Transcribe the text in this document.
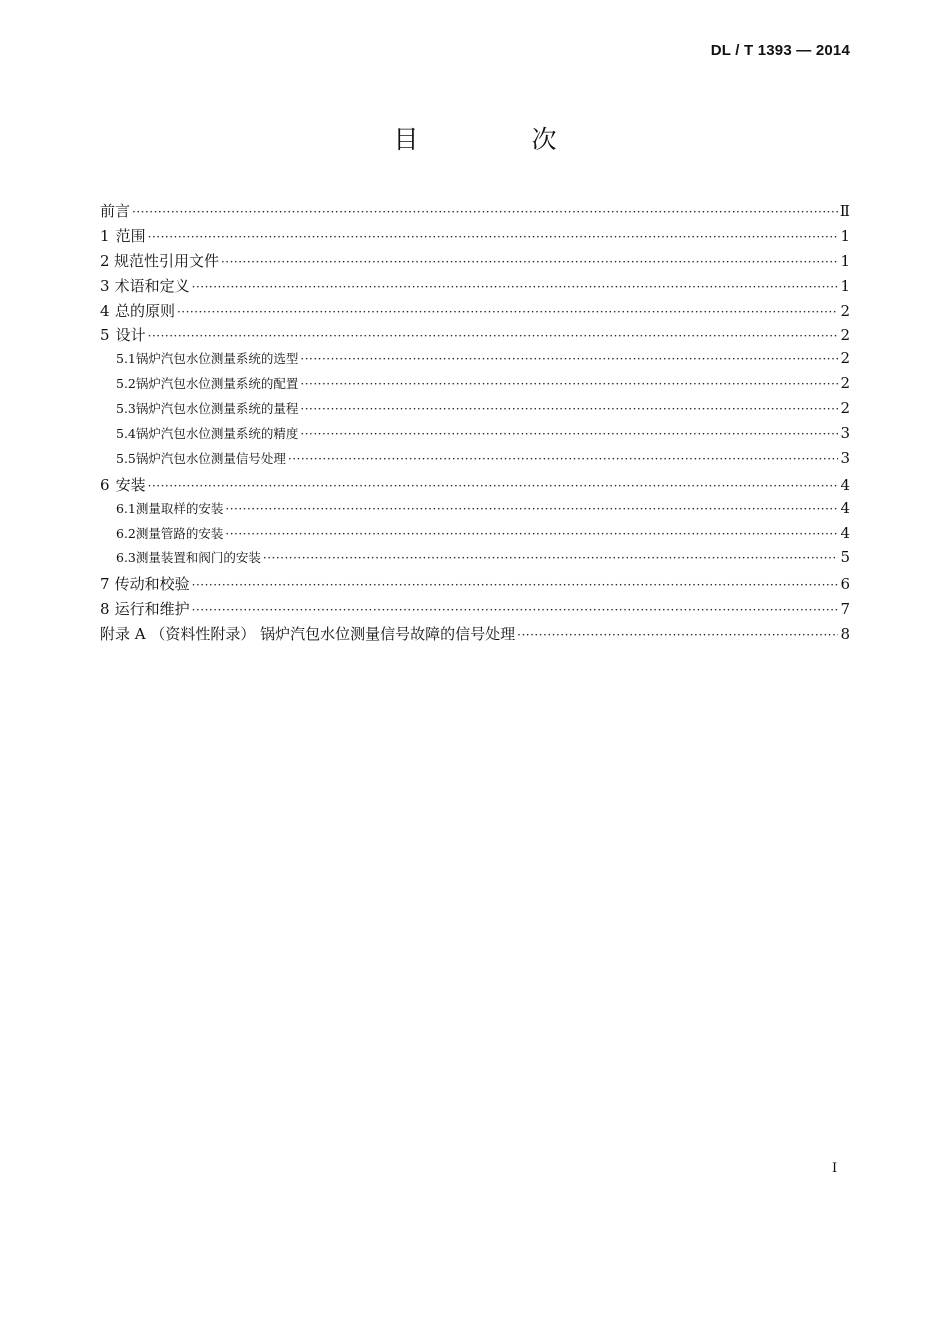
DL / T 1393 — 2014
目　次
前言 ·····	Ⅱ
1 范围 ·····	1
2 规范性引用文件 ·····	1
3 术语和定义 ·····	1
4 总的原则 ·····	2
5 设计 ·····	2
5.1 锅炉汽包水位测量系统的选型 ·····	2
5.2 锅炉汽包水位测量系统的配置 ·····	2
5.3 锅炉汽包水位测量系统的量程 ·····	2
5.4 锅炉汽包水位测量系统的精度 ·····	3
5.5 锅炉汽包水位测量信号处理 ·····	3
6 安装 ·····	4
6.1 测量取样的安装 ·····	4
6.2 测量管路的安装 ·····	4
6.3 测量装置和阀门的安装 ·····	5
7 传动和校验 ·····	6
8 运行和维护 ·····	7
附录 A （资料性附录） 锅炉汽包水位测量信号故障的信号处理 ·····	8
I
